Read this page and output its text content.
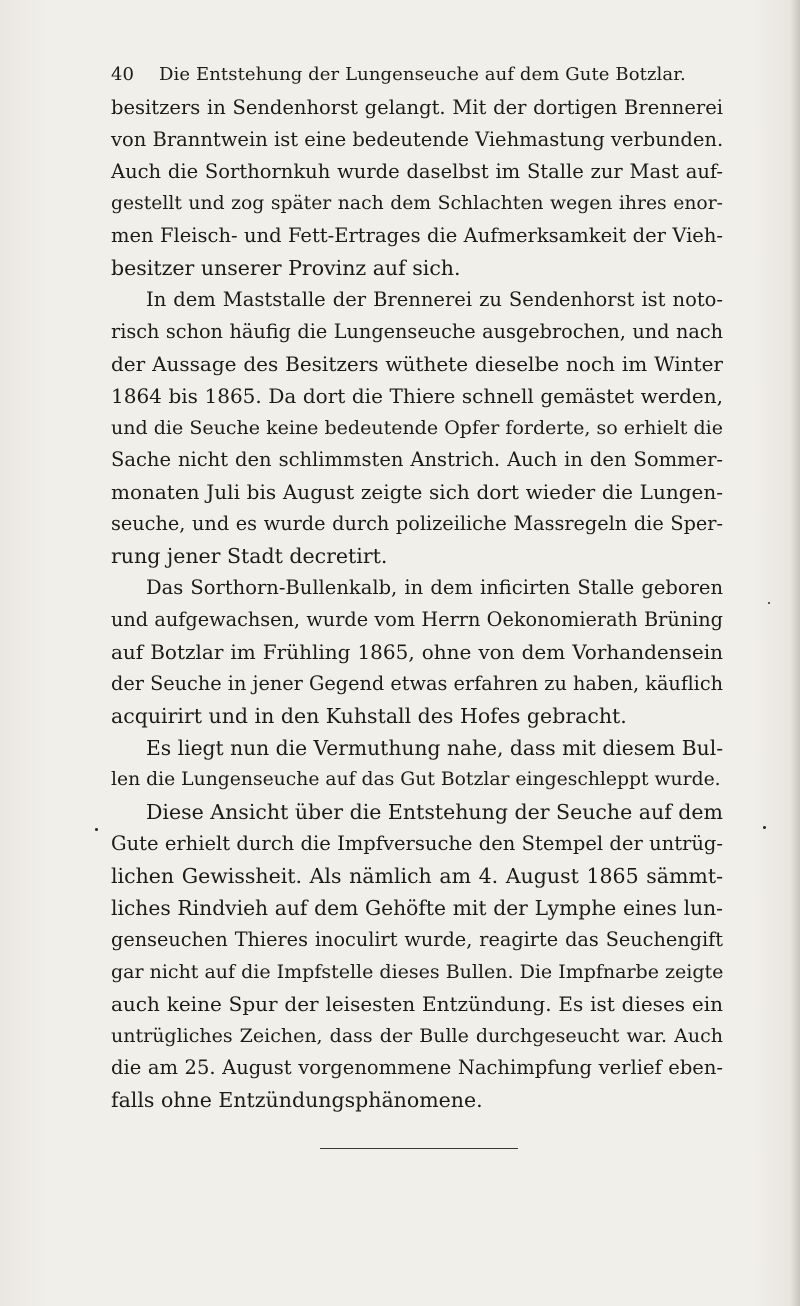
40 Die Entstehung der Lungenseuche auf dem Gute Botzlar.
besitzers in Sendenhorst gelangt. Mit der dortigen Brennerei
von Branntwein ist eine bedeutende Viehmastung verbunden.
Auch die Sorthornkuh wurde daselbst im Stalle zur Mast auf-
gestellt und zog später nach dem Schlachten wegen ihres enor-
men Fleisch- und Fett-Ertrages die Aufmerksamkeit der Vieh-
besitzer unserer Provinz auf sich.
In dem Maststalle der Brennerei zu Sendenhorst ist noto-
risch schon häufig die Lungenseuche ausgebrochen, und nach
der Aussage des Besitzers wüthete dieselbe noch im Winter
1864 bis 1865. Da dort die Thiere schnell gemästet werden,
und die Seuche keine bedeutende Opfer forderte, so erhielt die
Sache nicht den schlimmsten Anstrich. Auch in den Sommer-
monaten Juli bis August zeigte sich dort wieder die Lungen-
seuche, und es wurde durch polizeiliche Massregeln die Sper-
rung jener Stadt decretirt.
Das Sorthorn-Bullenkalb, in dem inficirten Stalle geboren
und aufgewachsen, wurde vom Herrn Oekonomierath Brüning
auf Botzlar im Frühling 1865, ohne von dem Vorhandensein
der Seuche in jener Gegend etwas erfahren zu haben, käuflich
acquirirt und in den Kuhstall des Hofes gebracht.
Es liegt nun die Vermuthung nahe, dass mit diesem Bul-
len die Lungenseuche auf das Gut Botzlar eingeschleppt wurde.
Diese Ansicht über die Entstehung der Seuche auf dem
Gute erhielt durch die Impfversuche den Stempel der untrüg-
lichen Gewissheit. Als nämlich am 4. August 1865 sämmt-
liches Rindvieh auf dem Gehöfte mit der Lymphe eines lun-
genseuchen Thieres inoculirt wurde, reagirte das Seuchengift
gar nicht auf die Impfstelle dieses Bullen. Die Impfnarbe zeigte
auch keine Spur der leisesten Entzündung. Es ist dieses ein
untrügliches Zeichen, dass der Bulle durchgeseucht war. Auch
die am 25. August vorgenommene Nachimpfung verlief eben-
falls ohne Entzündungsphänomene.
